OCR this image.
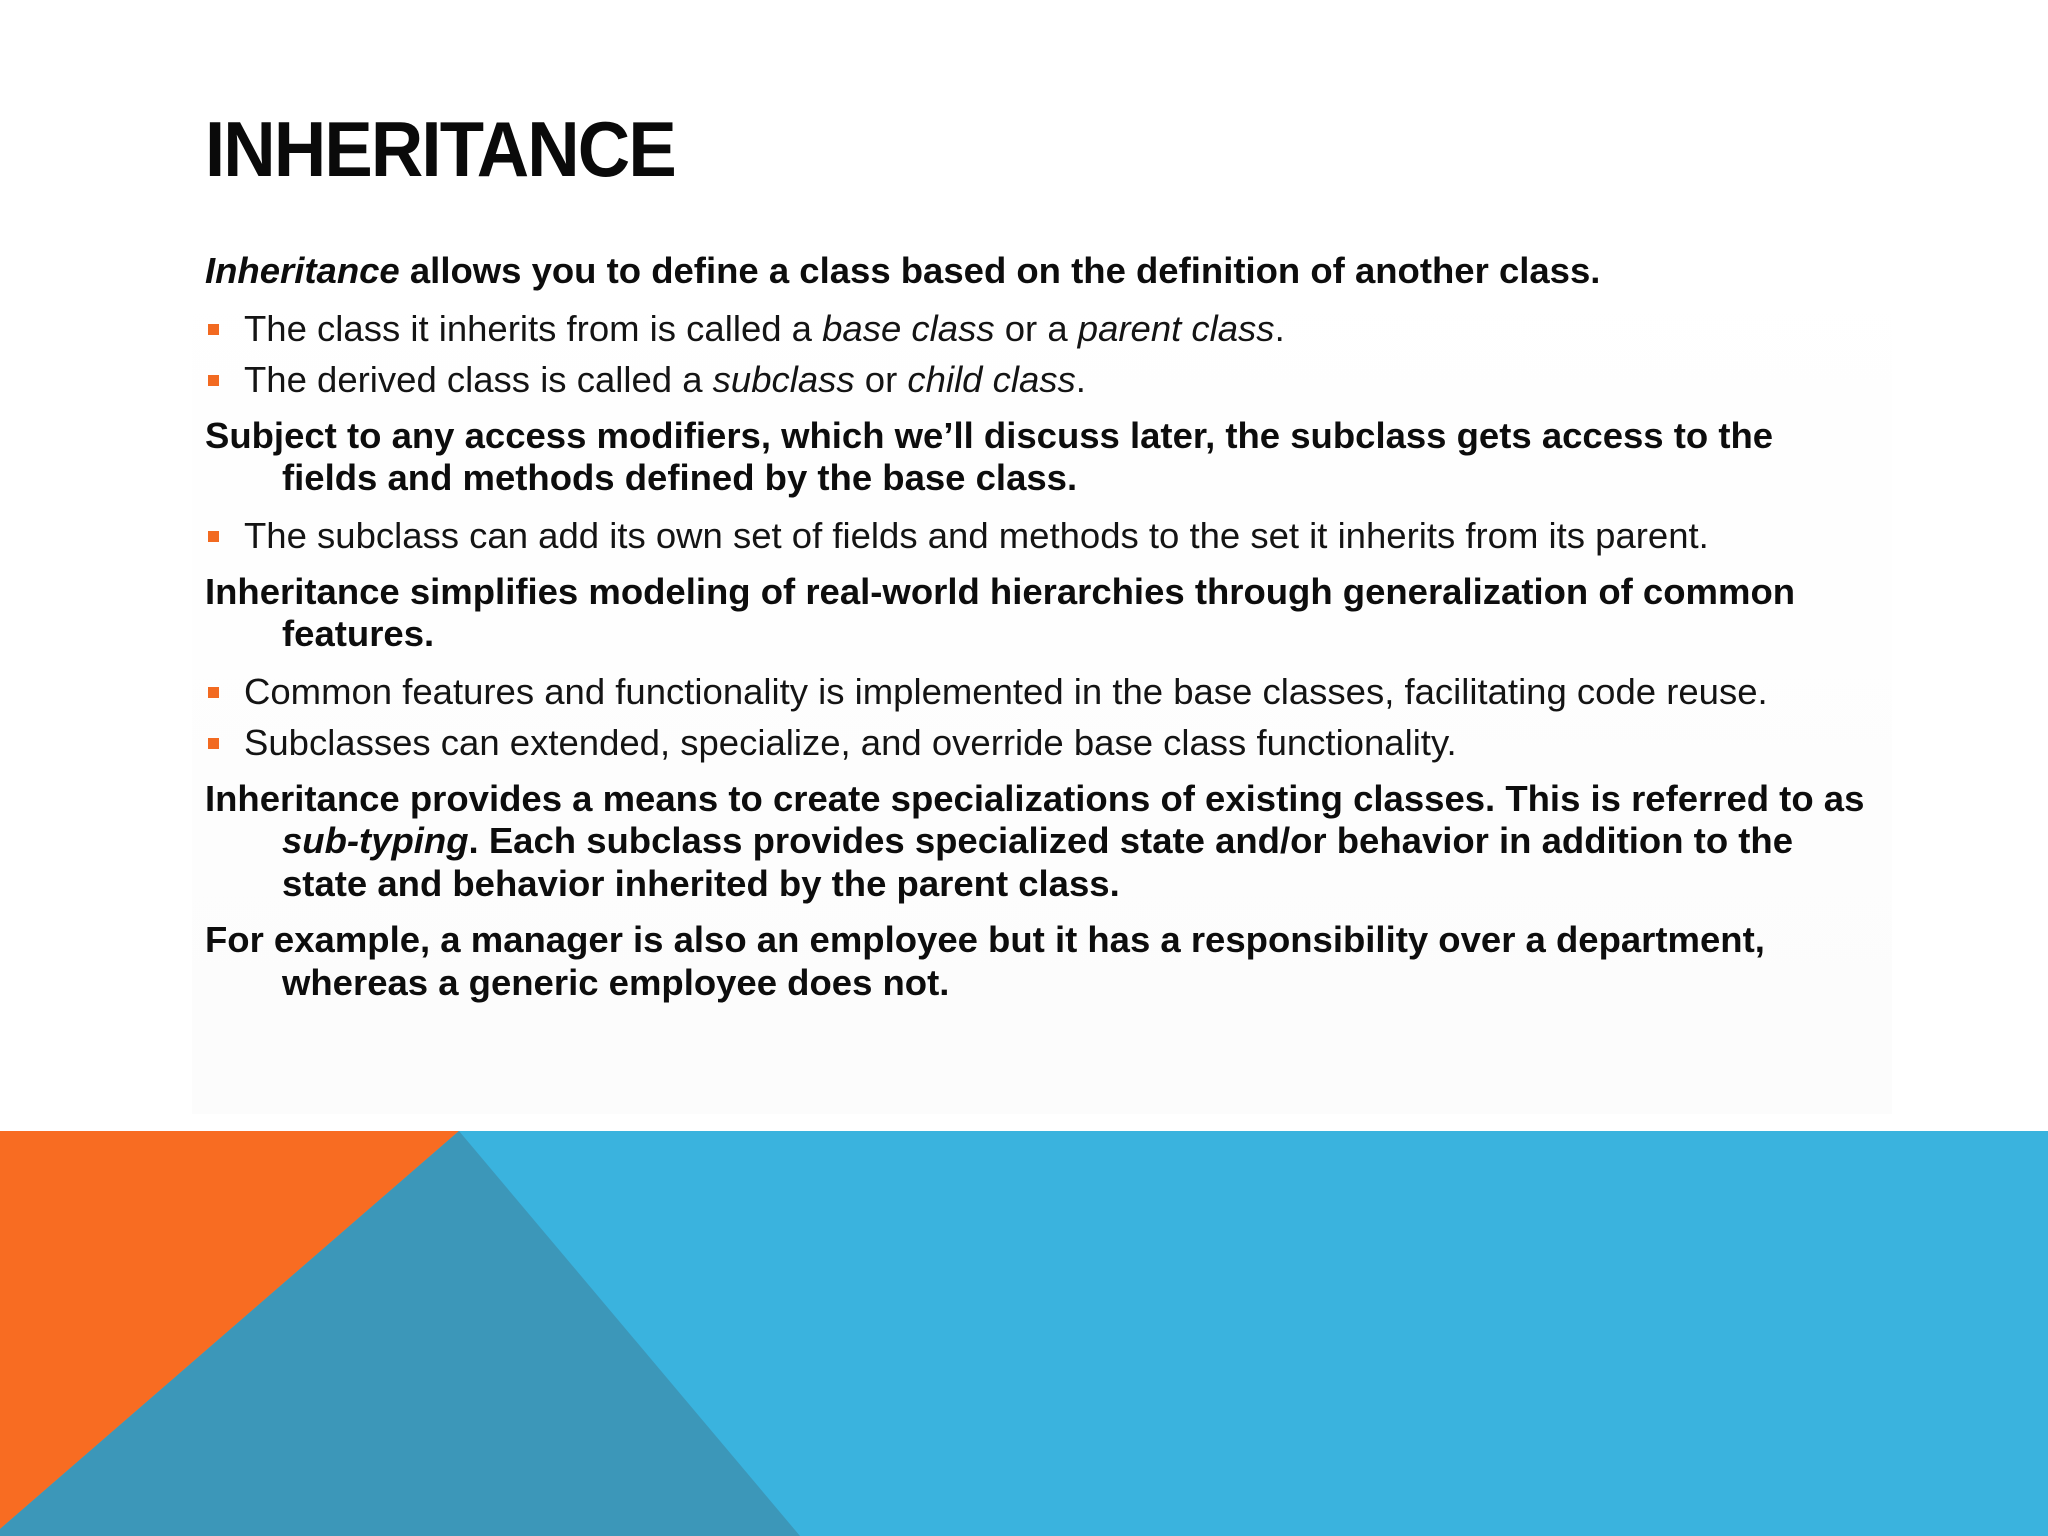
INHERITANCE

Inheritance allows you to define a class based on the definition of another class.

The class it inherits from is called a base class or a parent class.
The derived class is called a subclass or child class.

Subject to any access modifiers, which we’ll discuss later, the subclass gets access to the fields and methods defined by the base class.

The subclass can add its own set of fields and methods to the set it inherits from its parent.

Inheritance simplifies modeling of real-world hierarchies through generalization of common features.

Common features and functionality is implemented in the base classes, facilitating code reuse.
Subclasses can extended, specialize, and override base class functionality.

Inheritance provides a means to create specializations of existing classes. This is referred to as sub-typing. Each subclass provides specialized state and/or behavior in addition to the state and behavior inherited by the parent class.

For example, a manager is also an employee but it has a responsibility over a department, whereas a generic employee does not.
